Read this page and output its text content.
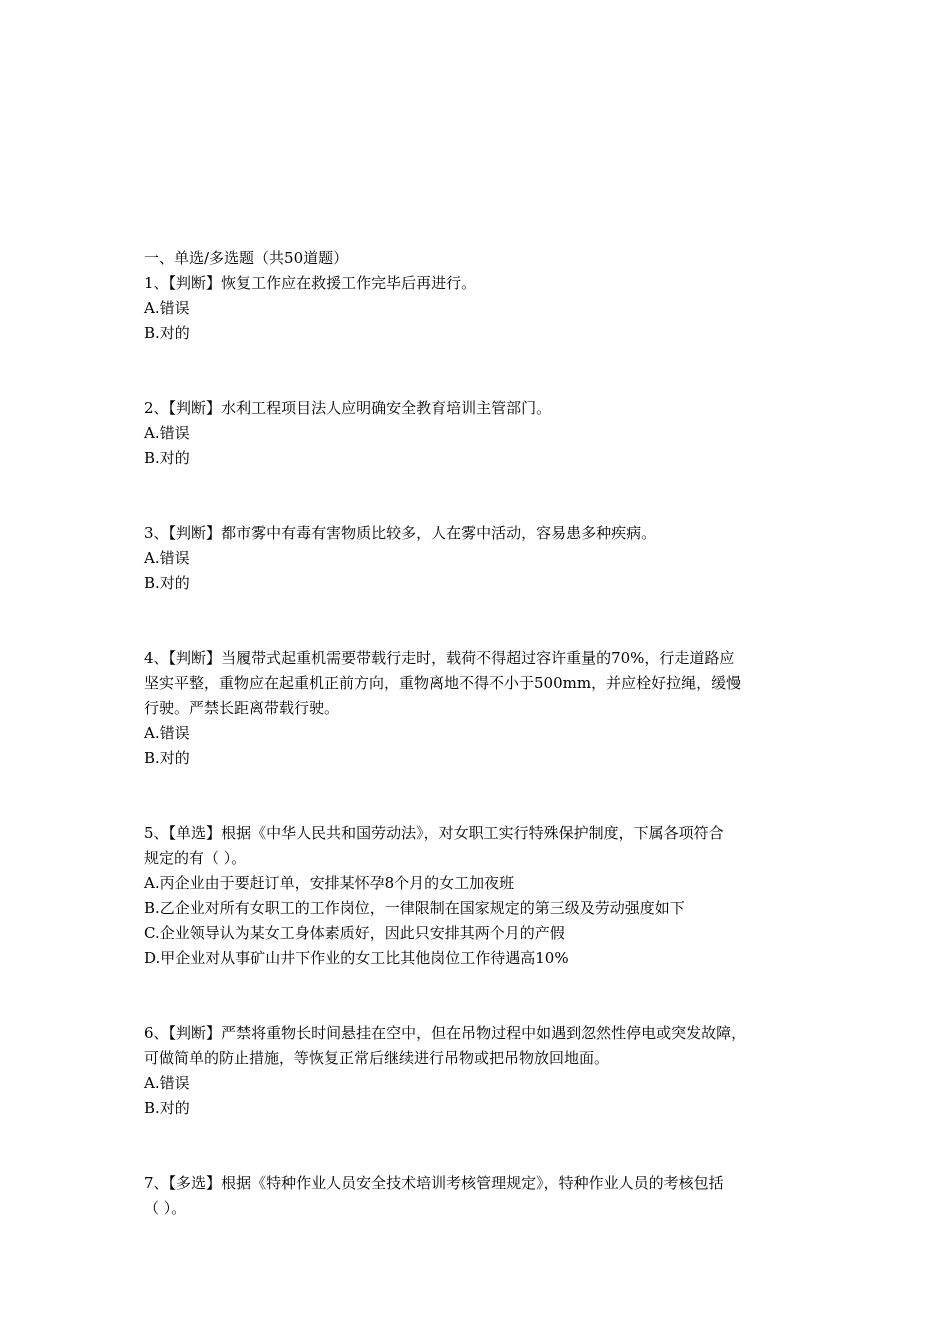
一、单选/多选题（共50道题）

1、【判断】恢复工作应在救援工作完毕后再进行。

A.错误

B.对的

2、【判断】水利工程项目法人应明确安全教育培训主管部门。

A.错误

B.对的

3、【判断】都市雾中有毒有害物质比较多，人在雾中活动，容易患多种疾病。

A.错误

B.对的

4、【判断】当履带式起重机需要带载行走时，载荷不得超过容许重量的70%，行走道路应

坚实平整，重物应在起重机正前方向，重物离地不得不小于500mm，并应栓好拉绳，缓慢

行驶。严禁长距离带载行驶。

A.错误

B.对的

5、【单选】根据《中华人民共和国劳动法》，对女职工实行特殊保护制度，下属各项符合

规定的有（ ）。

A.丙企业由于要赶订单，安排某怀孕8个月的女工加夜班

B.乙企业对所有女职工的工作岗位，一律限制在国家规定的第三级及劳动强度如下

C.企业领导认为某女工身体素质好，因此只安排其两个月的产假

D.甲企业对从事矿山井下作业的女工比其他岗位工作待遇高10%

6、【判断】严禁将重物长时间悬挂在空中，但在吊物过程中如遇到忽然性停电或突发故障，

可做简单的防止措施，等恢复正常后继续进行吊物或把吊物放回地面。

A.错误

B.对的

7、【多选】根据《特种作业人员安全技术培训考核管理规定》，特种作业人员的考核包括

（ ）。
